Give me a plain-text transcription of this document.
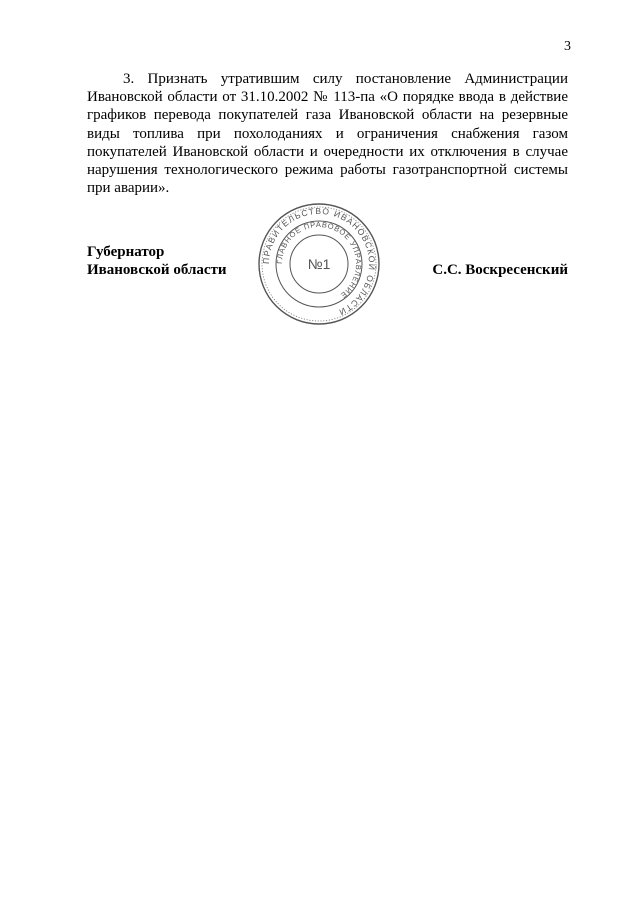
3
3. Признать утратившим силу постановление Администрации
Ивановской области от 31.10.2002 № 113-па «О порядке ввода в действие
графиков перевода покупателей газа Ивановской области на резервные
виды топлива при похолоданиях и ограничения снабжения газом
покупателей Ивановской области и очередности их отключения в случае
нарушения технологического режима работы газотранспортной системы
при аварии».
Губернатор
Ивановской области
ПРАВИТЕЛЬСТВО ИВАНОВСКОЙ ОБЛАСТИ
ГЛАВНОЕ ПРАВОВОЕ УПРАВЛЕНИЕ
№1	С.С. Воскресенский
